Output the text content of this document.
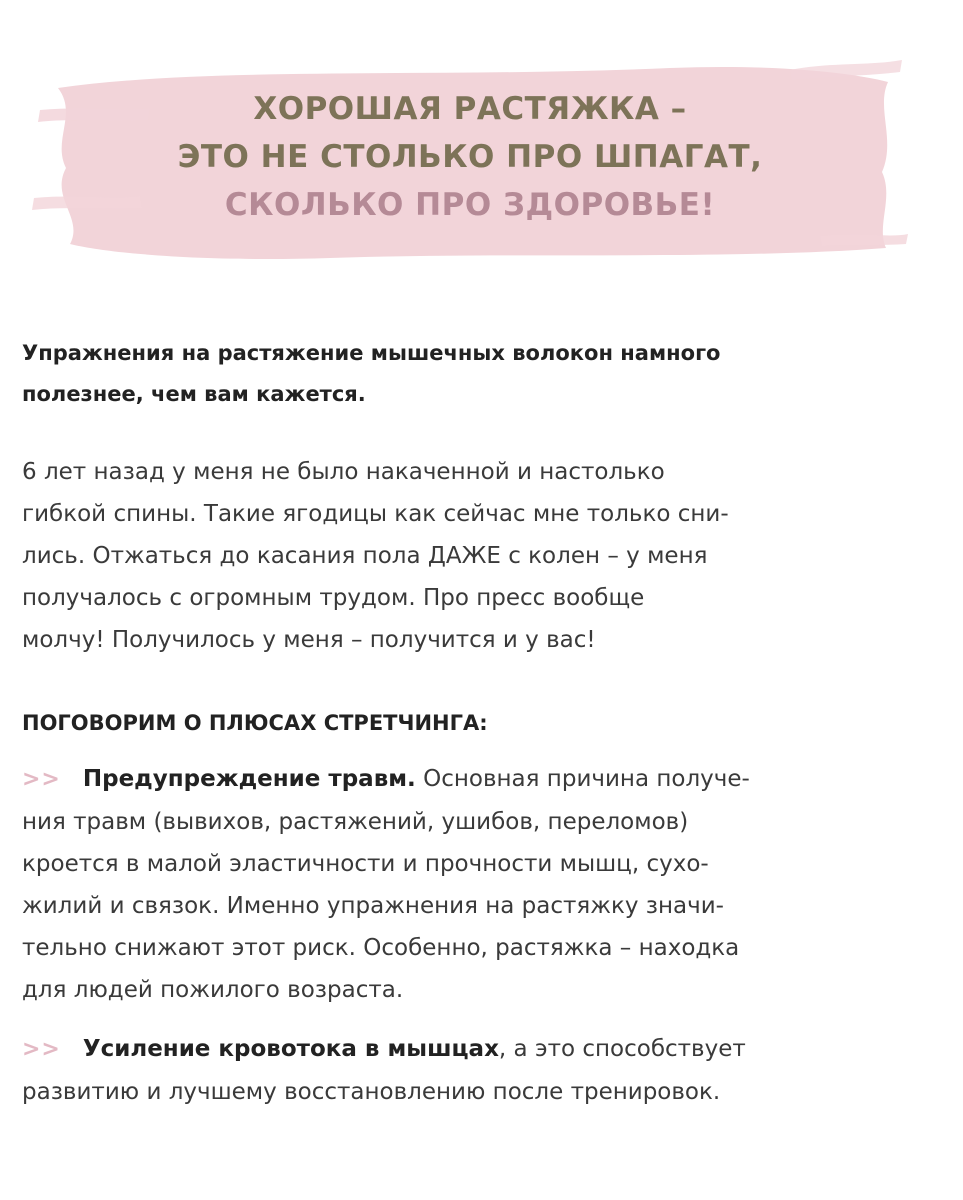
ХОРОШАЯ РАСТЯЖКА –
ЭТО НЕ СТОЛЬКО ПРО ШПАГАТ,
СКОЛЬКО ПРО ЗДОРОВЬЕ!
Упражнения на растяжение мышечных волокон намного
полезнее, чем вам кажется.
6 лет назад у меня не было накаченной и настолько
гибкой спины. Такие ягодицы как сейчас мне только сни-
лись. Отжаться до касания пола ДАЖЕ с колен – у меня
получалось с огромным трудом. Про пресс вообще
молчу! Получилось у меня – получится и у вас!
ПОГОВОРИМ О ПЛЮСАХ СТРЕТЧИНГА:
>> Предупреждение травм. Основная причина получе-
ния травм (вывихов, растяжений, ушибов, переломов)
кроется в малой эластичности и прочности мышц, сухо-
жилий и связок. Именно упражнения на растяжку значи-
тельно снижают этот риск. Особенно, растяжка – находка
для людей пожилого возраста.
>> Усиление кровотока в мышцах, а это способствует
развитию и лучшему восстановлению после тренировок.
